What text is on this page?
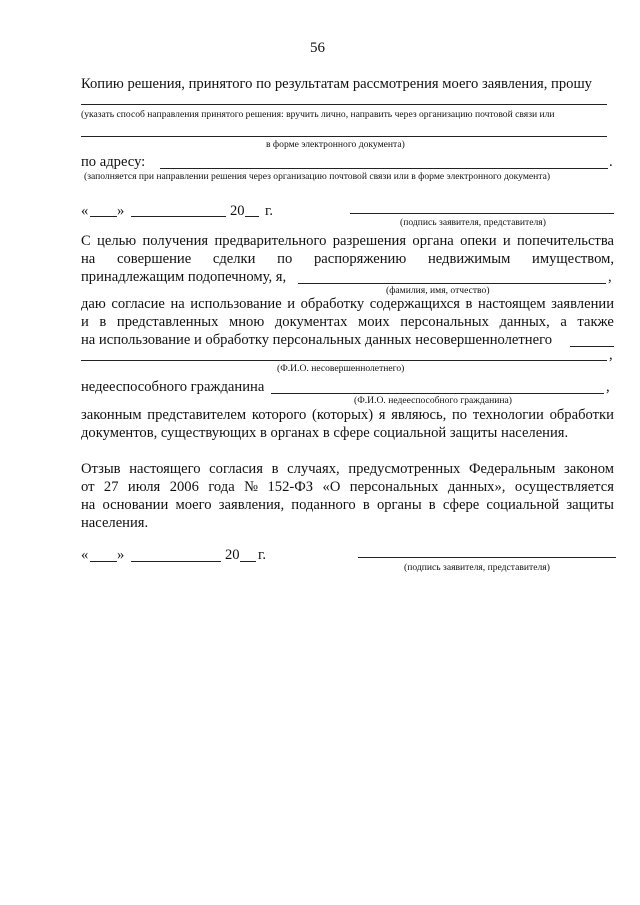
56
Копию решения, принятого по результатам рассмотрения моего заявления, прошу
(указать способ направления принятого решения: вручить лично, направить через организацию почтовой связи или
в форме электронного документа)
по адресу:	.
(заполняется при направлении решения через организацию почтовой связи или в форме электронного документа)
« »	20 г.
(подпись заявителя, представителя)
С целью получения предварительного разрешения органа опеки и попечительства
на совершение сделки по распоряжению недвижимым имуществом,
принадлежащим подопечному, я,	,
(фамилия, имя, отчество)
даю согласие на использование и обработку содержащихся в настоящем заявлении
и в представленных мною документах моих персональных данных, а также
на использование и обработку персональных данных несовершеннолетнего
,
(Ф.И.О. несовершеннолетнего)
недееспособного гражданина	,
(Ф.И.О. недееспособного гражданина)
законным представителем которого (которых) я являюсь, по технологии обработки
документов, существующих в органах в сфере социальной защиты населения.
Отзыв настоящего согласия в случаях, предусмотренных Федеральным законом
от 27 июля 2006 года № 152-ФЗ «О персональных данных», осуществляется
на основании моего заявления, поданного в органы в сфере социальной защиты
населения.
« »	20 г.
(подпись заявителя, представителя)
